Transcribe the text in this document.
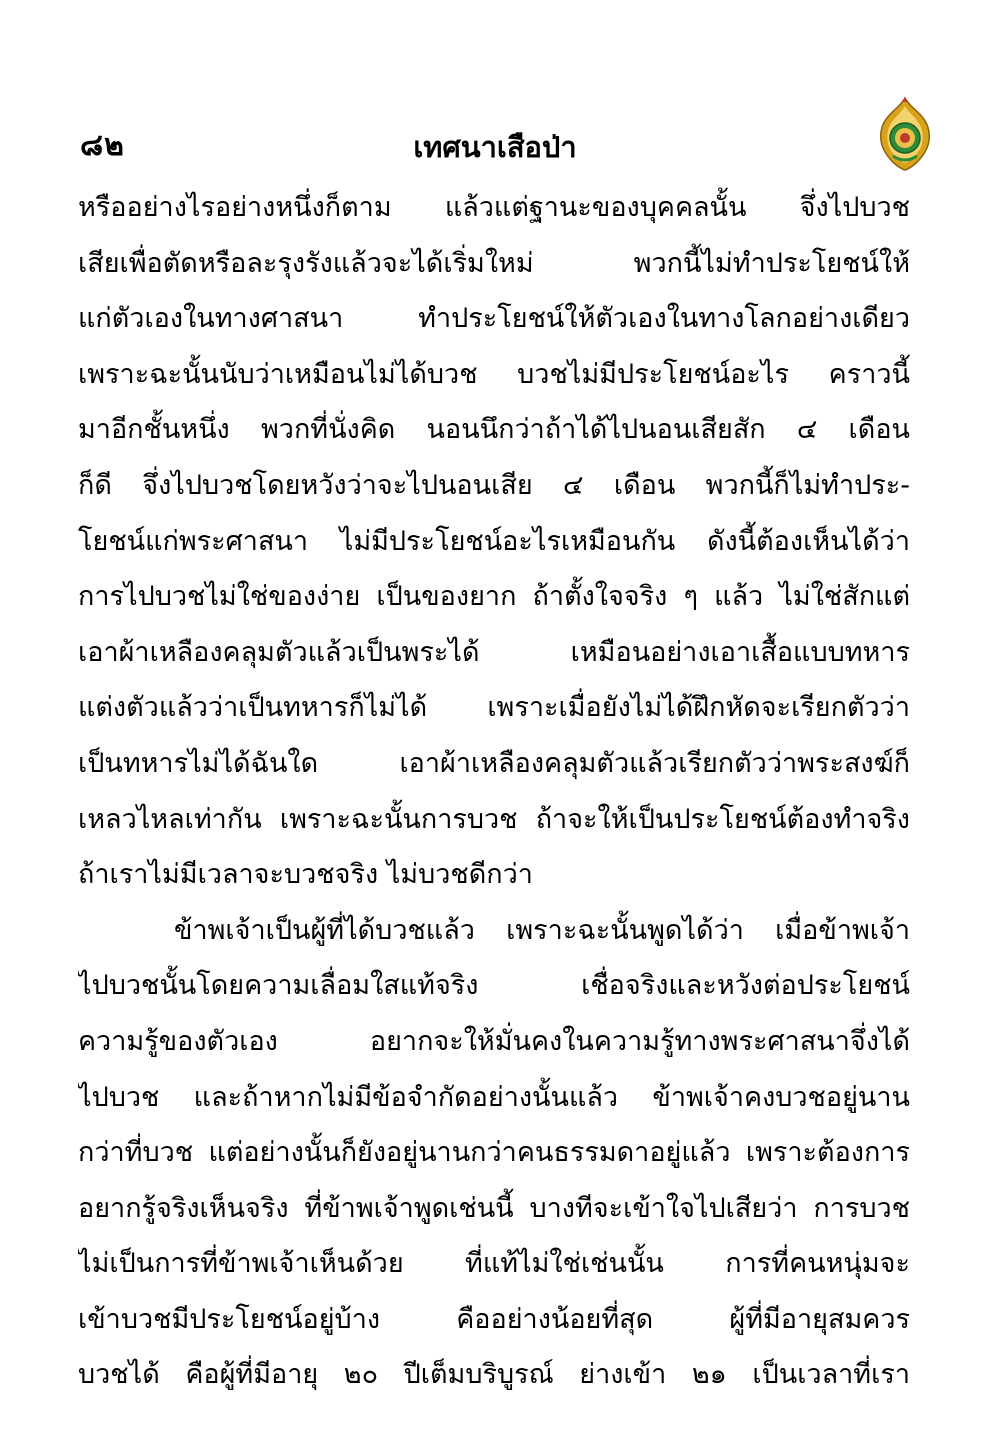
๘๒	เทศนาเสือป่า
หรืออย่างไรอย่างหนึ่งก็ตาม แล้วแต่ฐานะของบุคคลนั้น จึ่งไปบวช
เสียเพื่อตัดหรือละรุงรังแล้วจะได้เริ่มใหม่ พวกนี้ไม่ทำประโยชน์ให้
แก่ตัวเองในทางศาสนา ทำประโยชน์ให้ตัวเองในทางโลกอย่างเดียว
เพราะฉะนั้นนับว่าเหมือนไม่ได้บวช บวชไม่มีประโยชน์อะไร คราวนี้
มาอีกชั้นหนึ่ง พวกที่นั่งคิด นอนนึกว่าถ้าได้ไปนอนเสียสัก ๔ เดือน
ก็ดี จึ่งไปบวชโดยหวังว่าจะไปนอนเสีย ๔ เดือน พวกนี้ก็ไม่ทำประ-
โยชน์แก่พระศาสนา ไม่มีประโยชน์อะไรเหมือนกัน ดังนี้ต้องเห็นได้ว่า
การไปบวชไม่ใช่ของง่าย เป็นของยาก ถ้าตั้งใจจริง ๆ แล้ว ไม่ใช่สักแต่
เอาผ้าเหลืองคลุมตัวแล้วเป็นพระได้ เหมือนอย่างเอาเสื้อแบบทหาร
แต่งตัวแล้วว่าเป็นทหารก็ไม่ได้ เพราะเมื่อยังไม่ได้ฝึกหัดจะเรียกตัวว่า
เป็นทหารไม่ได้ฉันใด เอาผ้าเหลืองคลุมตัวแล้วเรียกตัวว่าพระสงฆ์ก็
เหลวไหลเท่ากัน เพราะฉะนั้นการบวช ถ้าจะให้เป็นประโยชน์ต้องทำจริง
ถ้าเราไม่มีเวลาจะบวชจริง ไม่บวชดีกว่า
ข้าพเจ้าเป็นผู้ที่ได้บวชแล้ว เพราะฉะนั้นพูดได้ว่า เมื่อข้าพเจ้า
ไปบวชนั้นโดยความเลื่อมใสแท้จริง เชื่อจริงและหวังต่อประโยชน์
ความรู้ของตัวเอง อยากจะให้มั่นคงในความรู้ทางพระศาสนาจึ่งได้
ไปบวช และถ้าหากไม่มีข้อจำกัดอย่างนั้นแล้ว ข้าพเจ้าคงบวชอยู่นาน
กว่าที่บวช แต่อย่างนั้นก็ยังอยู่นานกว่าคนธรรมดาอยู่แล้ว เพราะต้องการ
อยากรู้จริงเห็นจริง ที่ข้าพเจ้าพูดเช่นนี้ บางทีจะเข้าใจไปเสียว่า การบวช
ไม่เป็นการที่ข้าพเจ้าเห็นด้วย ที่แท้ไม่ใช่เช่นนั้น การที่คนหนุ่มจะ
เข้าบวชมีประโยชน์อยู่บ้าง คืออย่างน้อยที่สุด ผู้ที่มีอายุสมควร
บวชได้ คือผู้ที่มีอายุ ๒๐ ปีเต็มบริบูรณ์ ย่างเข้า ๒๑ เป็นเวลาที่เรา
